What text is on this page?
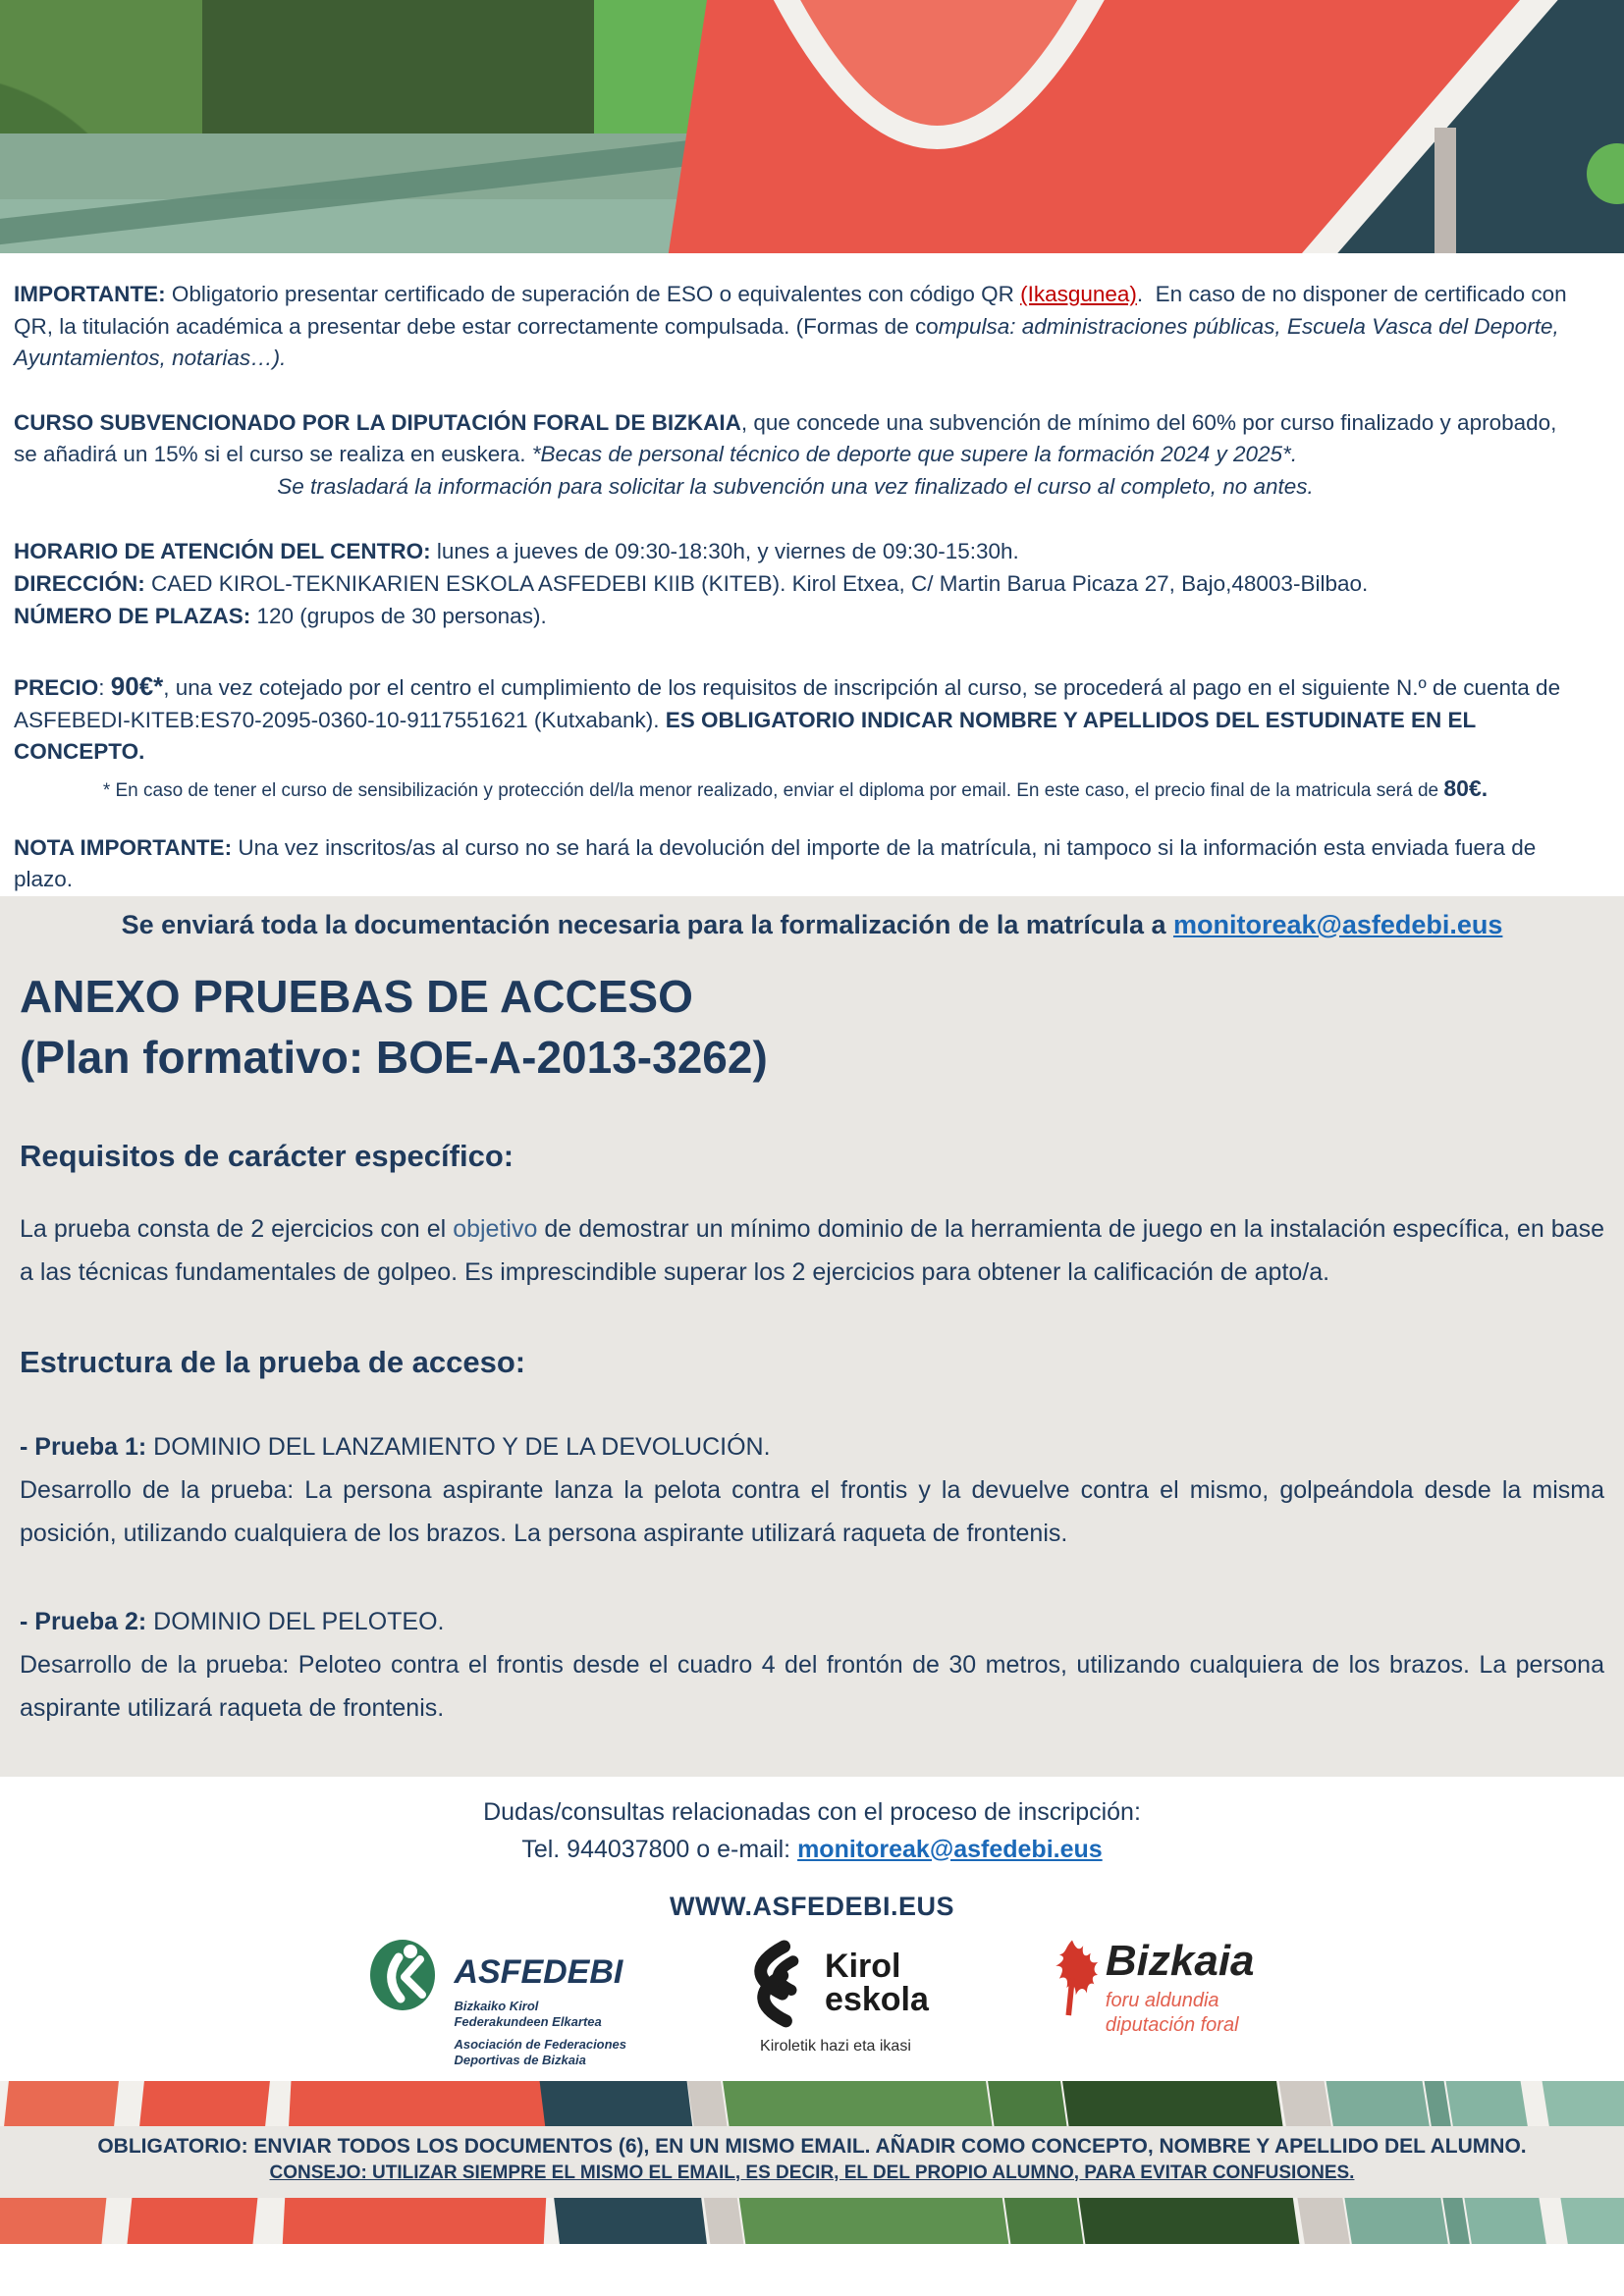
IMPORTANTE: Obligatorio presentar certificado de superación de ESO o equivalentes con código QR (Ikasgunea).  En caso de no disponer de certificado con QR, la titulación académica a presentar debe estar correctamente compulsada. (Formas de compulsa: administraciones públicas, Escuela Vasca del Deporte, Ayuntamientos, notarias…).

CURSO SUBVENCIONADO POR LA DIPUTACIÓN FORAL DE BIZKAIA, que concede una subvención de mínimo del 60% por curso finalizado y aprobado, se añadirá un 15% si el curso se realiza en euskera. *Becas de personal técnico de deporte que supere la formación 2024 y 2025*.

Se trasladará la información para solicitar la subvención una vez finalizado el curso al completo, no antes.

HORARIO DE ATENCIÓN DEL CENTRO: lunes a jueves de 09:30-18:30h, y viernes de 09:30-15:30h.

DIRECCIÓN: CAED KIROL-TEKNIKARIEN ESKOLA ASFEDEBI KIIB (KITEB). Kirol Etxea, C/ Martin Barua Picaza 27, Bajo,48003-Bilbao.

NÚMERO DE PLAZAS: 120 (grupos de 30 personas).

PRECIO: 90€*, una vez cotejado por el centro el cumplimiento de los requisitos de inscripción al curso, se procederá al pago en el siguiente N.º de cuenta de ASFEBEDI-KITEB:ES70-2095-0360-10-9117551621 (Kutxabank). ES OBLIGATORIO INDICAR NOMBRE Y APELLIDOS DEL ESTUDINATE EN EL CONCEPTO.

* En caso de tener el curso de sensibilización y protección del/la menor realizado, enviar el diploma por email. En este caso, el precio final de la matricula será de 80€.

NOTA IMPORTANTE: Una vez inscritos/as al curso no se hará la devolución del importe de la matrícula, ni tampoco si la información esta enviada fuera de plazo.

Se enviará toda la documentación necesaria para la formalización de la matrícula a monitoreak@asfedebi.eus

ANEXO PRUEBAS DE ACCESO
(Plan formativo: BOE-A-2013-3262)
Requisitos de carácter específico:

La prueba consta de 2 ejercicios con el objetivo de demostrar un mínimo dominio de la herramienta de juego en la instalación específica, en base a las técnicas fundamentales de golpeo. Es imprescindible superar los 2 ejercicios para obtener la calificación de apto/a.

Estructura de la prueba de acceso:

- Prueba 1: DOMINIO DEL LANZAMIENTO Y DE LA DEVOLUCIÓN.

Desarrollo de la prueba: La persona aspirante lanza la pelota contra el frontis y la devuelve contra el mismo, golpeándola desde la misma posición, utilizando cualquiera de los brazos. La persona aspirante utilizará raqueta de frontenis.

- Prueba 2: DOMINIO DEL PELOTEO.

Desarrollo de la prueba: Peloteo contra el frontis desde el cuadro 4 del frontón de 30 metros, utilizando cualquiera de los brazos. La persona aspirante utilizará raqueta de frontenis.

Dudas/consultas relacionadas con el proceso de inscripción:

Tel. 944037800 o e-mail: monitoreak@asfedebi.eus

WWW.ASFEDEBI.EUS

ASFEDEBI
Bizkaiko Kirol
Federakundeen Elkartea
Asociación de Federaciones
Deportivas de Bizkaia
Kirol
eskola
Kiroletik hazi eta ikasi
Bizkaia
foru aldundia
diputación foral
OBLIGATORIO: ENVIAR TODOS LOS DOCUMENTOS (6), EN UN MISMO EMAIL. AÑADIR COMO CONCEPTO, NOMBRE Y APELLIDO DEL ALUMNO.
CONSEJO: UTILIZAR SIEMPRE EL MISMO EL EMAIL, ES DECIR, EL DEL PROPIO ALUMNO, PARA EVITAR CONFUSIONES.
